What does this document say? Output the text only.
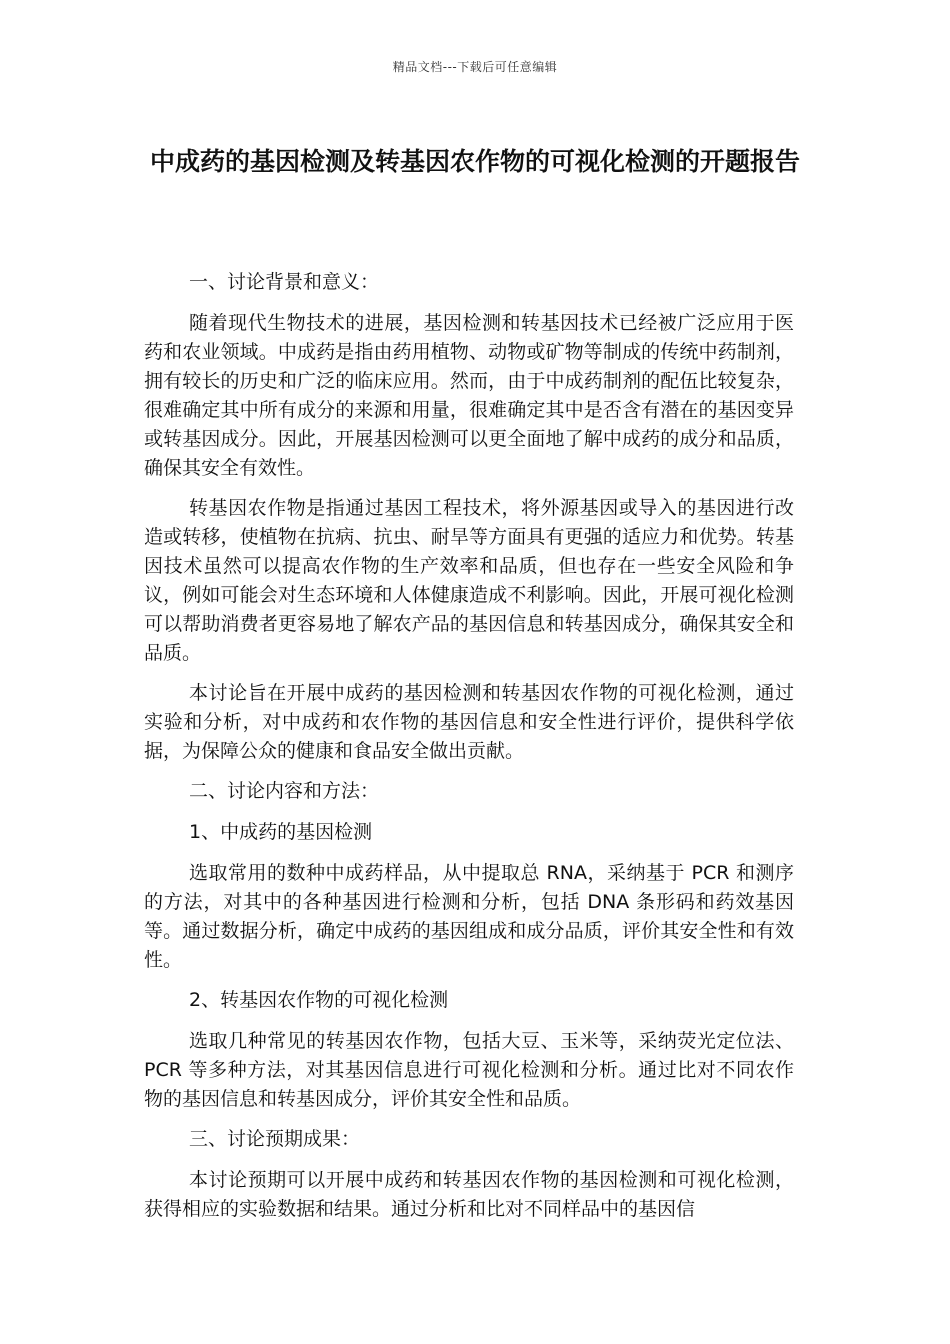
精品文档---下载后可任意编辑
中成药的基因检测及转基因农作物的可视化检测的开题报告

一、讨论背景和意义：

随着现代生物技术的进展，基因检测和转基因技术已经被广泛应用于医药和农业领域。中成药是指由药用植物、动物或矿物等制成的传统中药制剂，拥有较长的历史和广泛的临床应用。然而，由于中成药制剂的配伍比较复杂，很难确定其中所有成分的来源和用量，很难确定其中是否含有潜在的基因变异或转基因成分。因此，开展基因检测可以更全面地了解中成药的成分和品质，确保其安全有效性。

转基因农作物是指通过基因工程技术，将外源基因或导入的基因进行改造或转移，使植物在抗病、抗虫、耐旱等方面具有更强的适应力和优势。转基因技术虽然可以提高农作物的生产效率和品质，但也存在一些安全风险和争议，例如可能会对生态环境和人体健康造成不利影响。因此，开展可视化检测可以帮助消费者更容易地了解农产品的基因信息和转基因成分，确保其安全和品质。

本讨论旨在开展中成药的基因检测和转基因农作物的可视化检测，通过实验和分析，对中成药和农作物的基因信息和安全性进行评价，提供科学依据，为保障公众的健康和食品安全做出贡献。

二、讨论内容和方法：

1、中成药的基因检测

选取常用的数种中成药样品，从中提取总 RNA，采纳基于 PCR 和测序的方法，对其中的各种基因进行检测和分析，包括 DNA 条形码和药效基因等。通过数据分析，确定中成药的基因组成和成分品质，评价其安全性和有效性。

2、转基因农作物的可视化检测

选取几种常见的转基因农作物，包括大豆、玉米等，采纳荧光定位法、PCR 等多种方法，对其基因信息进行可视化检测和分析。通过比对不同农作物的基因信息和转基因成分，评价其安全性和品质。

三、讨论预期成果：

本讨论预期可以开展中成药和转基因农作物的基因检测和可视化检测，获得相应的实验数据和结果。通过分析和比对不同样品中的基因信
